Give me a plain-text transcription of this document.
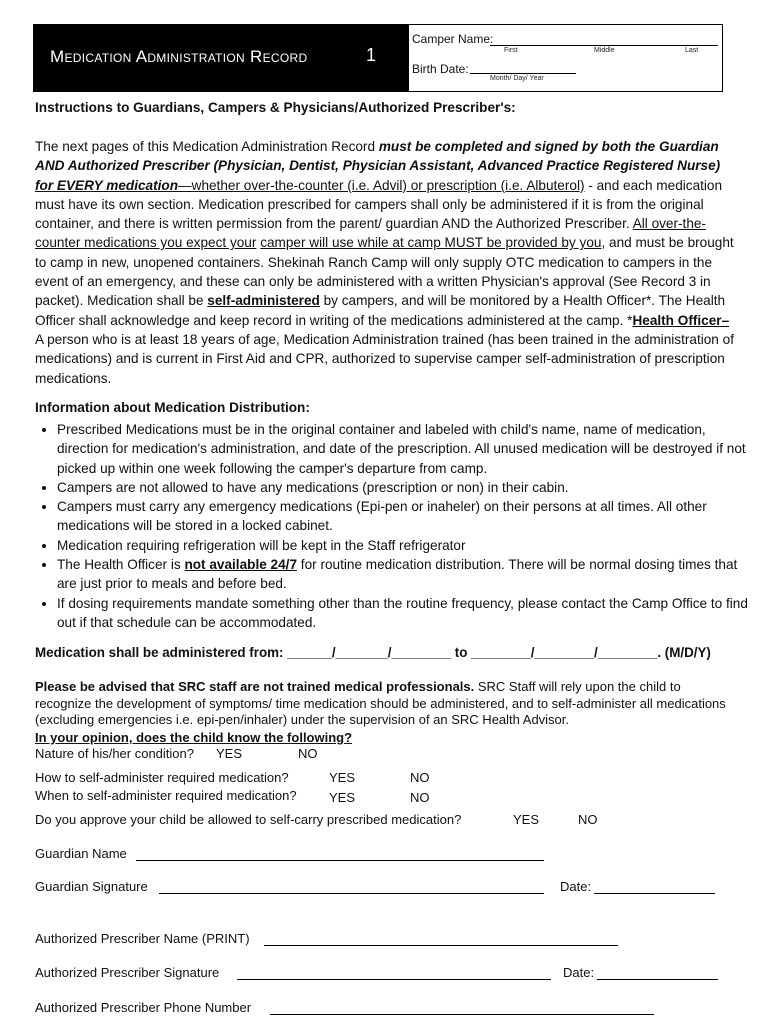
Medication Administration Record	1
Camper Name:
First	Middle	Last
Birth Date:
Month/ Day/ Year
Instructions to Guardians, Campers & Physicians/Authorized Prescriber's:
The next pages of this Medication Administration Record must be completed and signed by both the Guardian AND Authorized Prescriber (Physician, Dentist, Physician Assistant, Advanced Practice Registered Nurse) for EVERY medication—whether over-the-counter (i.e. Advil) or prescription (i.e. Albuterol) - and each medication must have its own section. Medication prescribed for campers shall only be administered if it is from the original container, and there is written permission from the parent/ guardian AND the Authorized Prescriber. All over-the-counter medications you expect your camper will use while at camp MUST be provided by you, and must be brought to camp in new, unopened containers. Shekinah Ranch Camp will only supply OTC medication to campers in the event of an emergency, and these can only be administered with a written Physician's approval (See Record 3 in packet). Medication shall be self-administered by campers, and will be monitored by a Health Officer*. The Health Officer shall acknowledge and keep record in writing of the medications administered at the camp. *Health Officer– A person who is at least 18 years of age, Medication Administration trained (has been trained in the administration of medications) and is current in First Aid and CPR, authorized to supervise camper self-administration of prescription medications.
Information about Medication Distribution:
• Prescribed Medications must be in the original container and labeled with child's name, name of medication, direction for medication's administration, and date of the prescription. All unused medication will be destroyed if not picked up within one week following the camper's departure from camp.
• Campers are not allowed to have any medications (prescription or non) in their cabin.
• Campers must carry any emergency medications (Epi-pen or inaheler) on their persons at all times. All other medications will be stored in a locked cabinet.
• Medication requiring refrigeration will be kept in the Staff refrigerator
• The Health Officer is not available 24/7 for routine medication distribution. There will be normal dosing times that are just prior to meals and before bed.
• If dosing requirements mandate something other than the routine frequency, please contact the Camp Office to find out if that schedule can be accommodated.
Medication shall be administered from: ______/_______/________ to ________/________/________. (M/D/Y)
Please be advised that SRC staff are not trained medical professionals. SRC Staff will rely upon the child to recognize the development of symptoms/ time medication should be administered, and to self-administer all medications (excluding emergencies i.e. epi-pen/inhaler) under the supervision of an SRC Health Advisor.
In your opinion, does the child know the following?
Nature of his/her condition? YES	NO
How to self-administer required medication?	YES	NO
When to self-administer required medication? YES	NO
Do you approve your child be allowed to self-carry prescribed medication?	YES	NO
Guardian Name
Guardian Signature	Date:
Authorized Prescriber Name (PRINT)
Authorized Prescriber Signature	Date:
Authorized Prescriber Phone Number
